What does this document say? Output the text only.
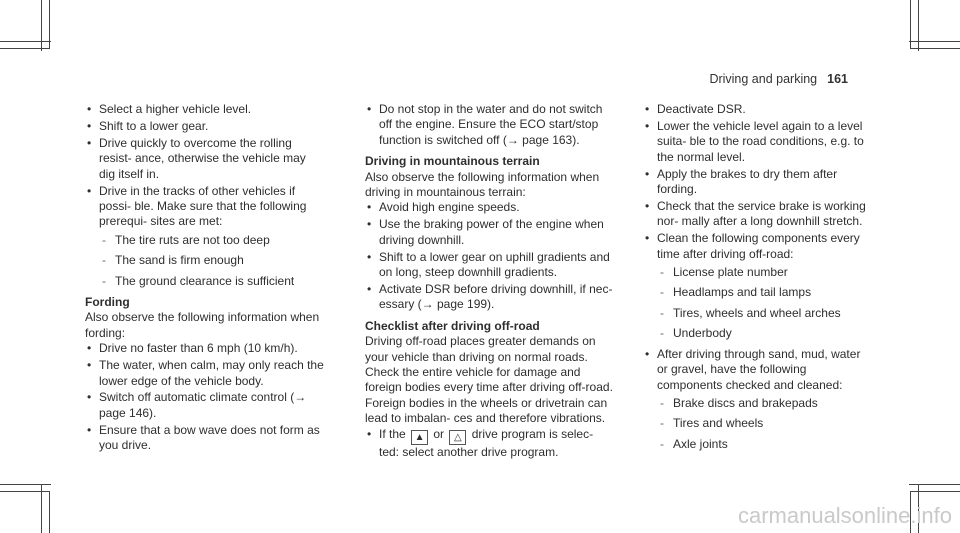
Driving and parking 161
• Select a higher vehicle level.
• Shift to a lower gear.
• Drive quickly to overcome the rolling resist- ance, otherwise the vehicle may dig itself in.
• Drive in the tracks of other vehicles if possi- ble. Make sure that the following prerequi- sites are met:
- The tire ruts are not too deep
- The sand is firm enough
- The ground clearance is sufficient
Fording
Also observe the following information when fording:
• Drive no faster than 6 mph (10 km/h).
• The water, when calm, may only reach the lower edge of the vehicle body.
• Switch off automatic climate control (→ page 146).
• Ensure that a bow wave does not form as you drive.
• Do not stop in the water and do not switch off the engine. Ensure the ECO start/stop function is switched off (→ page 163).
Driving in mountainous terrain
Also observe the following information when driving in mountainous terrain:
• Avoid high engine speeds.
• Use the braking power of the engine when driving downhill.
• Shift to a lower gear on uphill gradients and on long, steep downhill gradients.
• Activate DSR before driving downhill, if nec- essary (→ page 199).
Checklist after driving off-road
Driving off-road places greater demands on your vehicle than driving on normal roads. Check the entire vehicle for damage and foreign bodies every time after driving off-road. Foreign bodies in the wheels or drivetrain can lead to imbalan- ces and therefore vibrations.
• If the ▲ or △ drive program is selec- ted: select another drive program.
• Deactivate DSR.
• Lower the vehicle level again to a level suita- ble to the road conditions, e.g. to the normal level.
• Apply the brakes to dry them after fording.
• Check that the service brake is working nor- mally after a long downhill stretch.
• Clean the following components every time after driving off-road:
- License plate number
- Headlamps and tail lamps
- Tires, wheels and wheel arches
- Underbody
• After driving through sand, mud, water or gravel, have the following components checked and cleaned:
- Brake discs and brakepads
- Tires and wheels
- Axle joints
carmanualsonline.info
